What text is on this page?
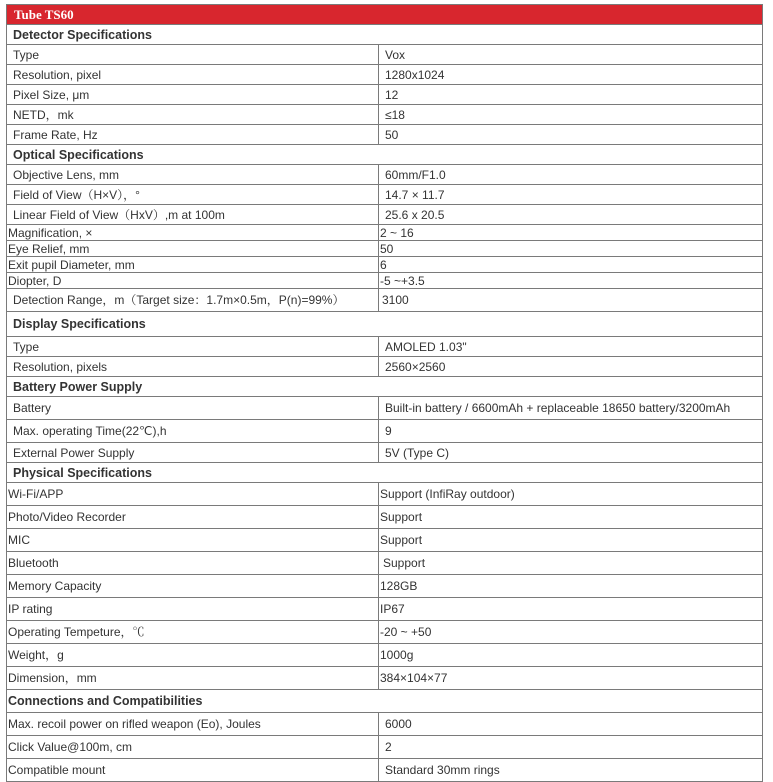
Tube TS60	
Detector Specifications	
Type	Vox
Resolution, pixel	1280x1024
Pixel Size, μm	12
NETD，mk	≤18
Frame Rate, Hz	50
Optical Specifications	
Objective Lens, mm	60mm/F1.0
Field of View（H×V），°	14.7 × 11.7
Linear Field of View（HxV）,m at 100m	25.6 x 20.5
Magnification, ×	2 ~ 16
Eye Relief, mm	50
Exit pupil Diameter, mm	6
Diopter, D	-5 ~+3.5
Detection Range，m（Target size：1.7m×0.5m，P(n)=99%）	3100
Display Specifications	
Type	AMOLED 1.03"
Resolution, pixels	2560×2560
Battery Power Supply	
Battery	Built-in battery / 6600mAh + replaceable 18650 battery/3200mAh
Max. operating Time(22℃),h	9
External Power Supply	5V (Type C)
Physical Specifications	
Wi-Fi/APP	Support (InfiRay outdoor)
Photo/Video Recorder	Support
MIC	Support
Bluetooth	Support
Memory Capacity	128GB
IP rating	IP67
Operating Tempeture，℃	-20 ~ +50
Weight，g	1000g
Dimension，mm	384×104×77
Connections and Compatibilities	
Max. recoil power on rifled weapon (Eo), Joules	6000
Click Value@100m, cm	2
Compatible mount	Standard 30mm rings
